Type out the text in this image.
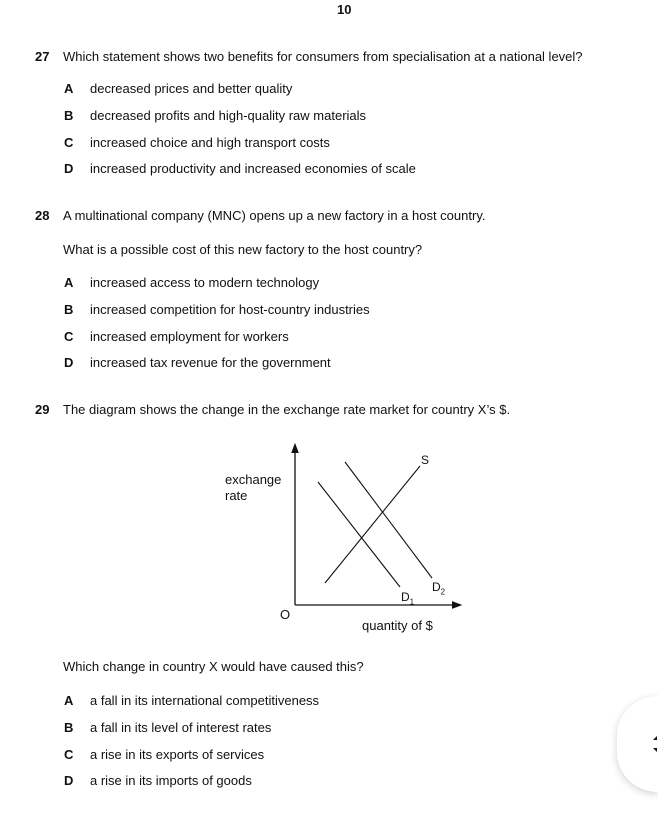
10
27 Which statement shows two benefits for consumers from specialisation at a national level?
A decreased prices and better quality
B decreased profits and high-quality raw materials
C increased choice and high transport costs
D increased productivity and increased economies of scale
28 A multinational company (MNC) opens up a new factory in a host country.
What is a possible cost of this new factory to the host country?
A increased access to modern technology
B increased competition for host-country industries
C increased employment for workers
D increased tax revenue for the government
29 The diagram shows the change in the exchange rate market for country X’s $.
exchange
rate
O
quantity of $
S
$D_1$
$D_2$
Which change in country X would have caused this?
A a fall in its international competitiveness
B a fall in its level of interest rates
C a rise in its exports of services
D a rise in its imports of goods
